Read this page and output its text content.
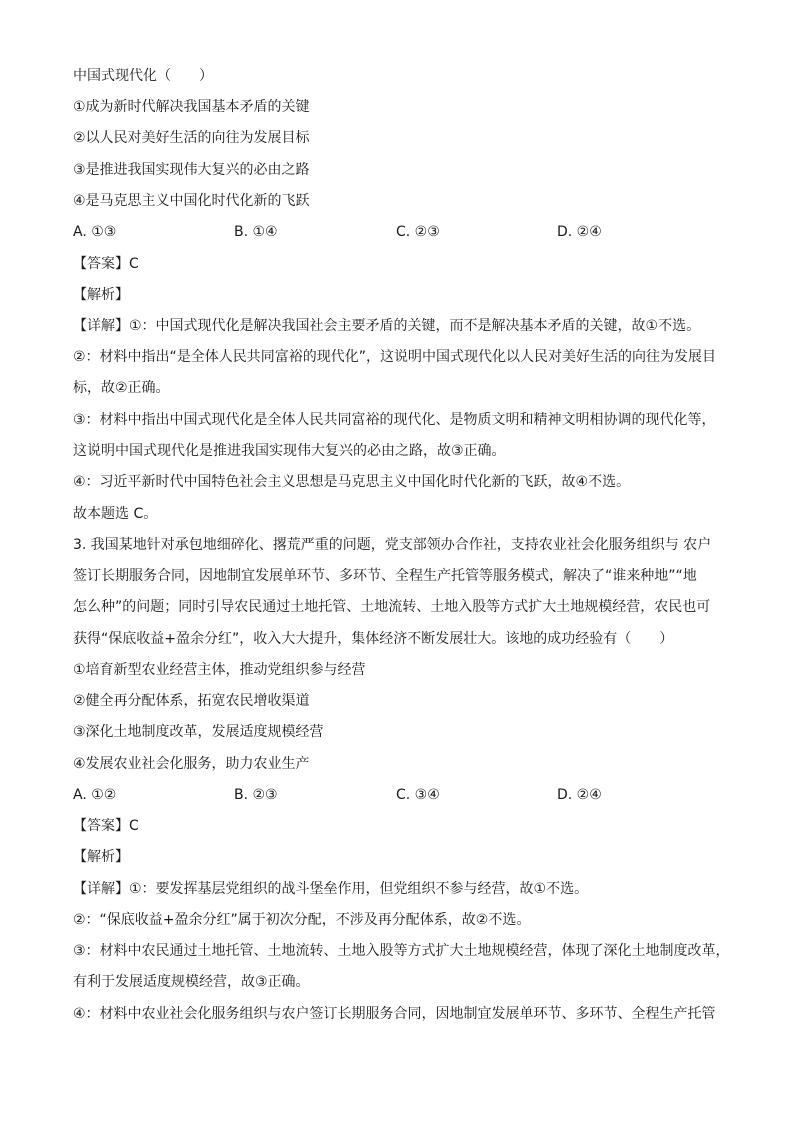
中国式现代化（　　）
①成为新时代解决我国基本矛盾的关键
②以人民对美好生活的向往为发展目标
③是推进我国实现伟大复兴的必由之路
④是马克思主义中国化时代化新的飞跃
A. ①③	B. ①④	C. ②③	D. ②④
【答案】C
【解析】
【详解】①：中国式现代化是解决我国社会主要矛盾的关键，而不是解决基本矛盾的关键，故①不选。
②：材料中指出“是全体人民共同富裕的现代化”，这说明中国式现代化以人民对美好生活的向往为发展目
标，故②正确。
③：材料中指出中国式现代化是全体人民共同富裕的现代化、是物质文明和精神文明相协调的现代化等，
这说明中国式现代化是推进我国实现伟大复兴的必由之路，故③正确。
④：习近平新时代中国特色社会主义思想是马克思主义中国化时代化新的飞跃，故④不选。
故本题选 C。
3. 我国某地针对承包地细碎化、撂荒严重的问题，党支部领办合作社，支持农业社会化服务组织与 农户
签订长期服务合同，因地制宜发展单环节、多环节、全程生产托管等服务模式，解决了“谁来种地”“地
怎么种”的问题；同时引导农民通过土地托管、土地流转、土地入股等方式扩大土地规模经营，农民也可
获得“保底收益+盈余分红”，收入大大提升，集体经济不断发展壮大。该地的成功经验有（　　）
①培育新型农业经营主体，推动党组织参与经营
②健全再分配体系，拓宽农民增收渠道
③深化土地制度改革，发展适度规模经营
④发展农业社会化服务，助力农业生产
A. ①②	B. ②③	C. ③④	D. ②④
【答案】C
【解析】
【详解】①：要发挥基层党组织的战斗堡垒作用，但党组织不参与经营，故①不选。
②：“保底收益+盈余分红”属于初次分配，不涉及再分配体系，故②不选。
③：材料中农民通过土地托管、土地流转、土地入股等方式扩大土地规模经营，体现了深化土地制度改革，
有利于发展适度规模经营，故③正确。
④：材料中农业社会化服务组织与农户签订长期服务合同，因地制宜发展单环节、多环节、全程生产托管
